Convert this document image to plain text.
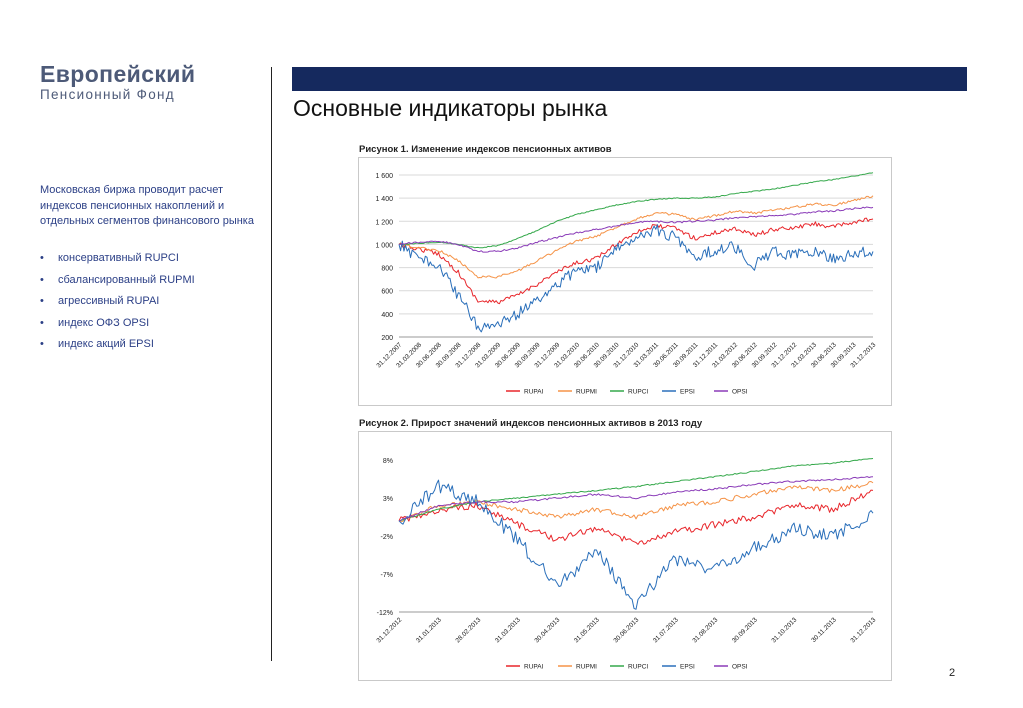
Европейский
Пенсионный Фонд
Основные индикаторы рынка
Московская биржа проводит расчет индексов пенсионных накоплений и отдельных сегментов финансового рынка
• консервативный RUPCI
• сбалансированный RUPMI
• агрессивный RUPAI
• индекс ОФЗ OPSI
• индекс акций EPSI
Рисунок 1. Изменение индексов пенсионных активов
1 600
1 400
1 200
1 000
800
600
400
200
31.12.2007
31.03.2008
30.06.2008
30.09.2008
31.12.2008
31.03.2009
30.06.2009
30.09.2009
31.12.2009
31.03.2010
30.06.2010
30.09.2010
31.12.2010
31.03.2011
30.06.2011
30.09.2011
31.12.2011
31.03.2012
30.06.2012
30.09.2012
31.12.2012
31.03.2013
30.06.2013
30.09.2013
31.12.2013
RUPAI	RUPMI	RUPCI	EPSI	OPSI
Рисунок 2. Прирост значений индексов пенсионных активов в 2013 году
8%
3%
-2%
-7%
-12%
31.12.2012 31.01.2013 28.02.2013 31.03.2013 30.04.2013 31.05.2013 30.06.2013 31.07.2013 31.08.2013 30.09.2013 31.10.2013 30.11.2013 31.12.2013
RUPAI	RUPMI	RUPCI	EPSI	OPSI	2
